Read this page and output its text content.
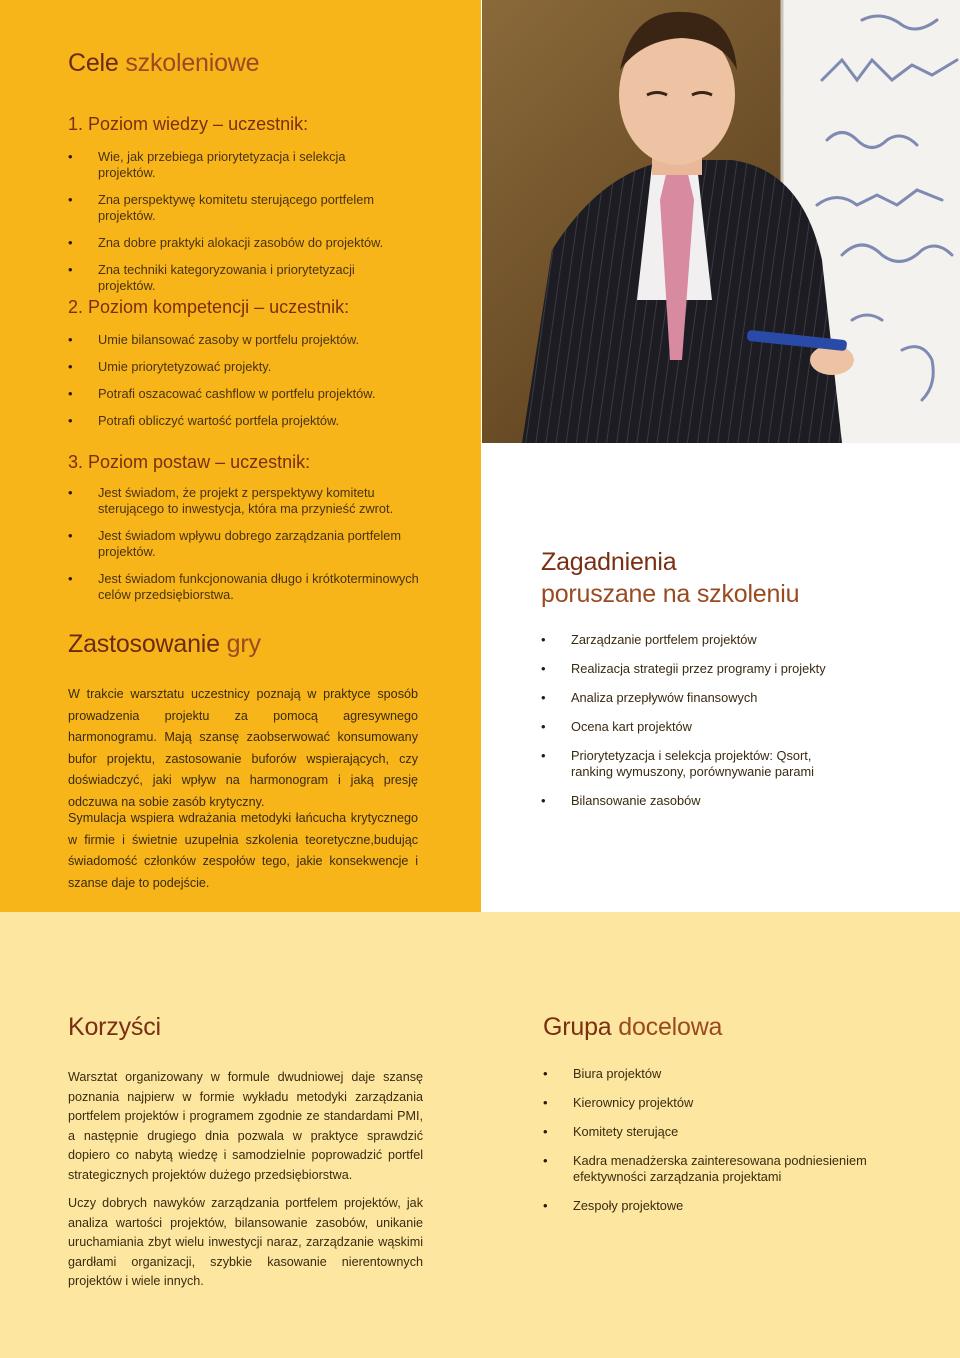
Cele szkoleniowe
1. Poziom wiedzy – uczestnik:
• Wie, jak przebiega priorytetyzacja i selekcja projektów.
• Zna perspektywę komitetu sterującego portfelem projektów.
• Zna dobre praktyki alokacji zasobów do projektów.
• Zna techniki kategoryzowania i priorytetyzacji projektów.
2. Poziom kompetencji – uczestnik:
• Umie bilansować zasoby w portfelu projektów.
• Umie priorytetyzować projekty.
• Potrafi oszacować cashflow w portfelu projektów.
• Potrafi obliczyć wartość portfela projektów.
3. Poziom postaw – uczestnik:
• Jest świadom, że projekt z perspektywy komitetu sterującego to inwestycja, która ma przynieść zwrot.
• Jest świadom wpływu dobrego zarządzania portfelem projektów.
• Jest świadom funkcjonowania długo i krótkoterminowych celów przedsiębiorstwa.
Zastosowanie gry

W trakcie warsztatu uczestnicy poznają w praktyce sposób prowadzenia projektu za pomocą agresywnego harmonogramu. Mają szansę zaobserwować konsumowany bufor projektu, zastosowanie buforów wspierających, czy doświadczyć, jaki wpływ na harmonogram i jaką presję odczuwa na sobie zasób krytyczny.

Symulacja wspiera wdrażania metodyki łańcucha krytycznego w firmie i świetnie uzupełnia szkolenia teoretyczne,budując świadomość członków zespołów tego, jakie konsekwencje i szanse daje to podejście.

Zagadnienia
poruszane na szkoleniu
• Zarządzanie portfelem projektów
• Realizacja strategii przez programy i projekty
• Analiza przepływów finansowych
• Ocena kart projektów
• Priorytetyzacja i selekcja projektów: Qsort, ranking wymuszony, porównywanie parami
• Bilansowanie zasobów
Korzyści

Warsztat organizowany w formule dwudniowej daje szansę poznania najpierw w formie wykładu metodyki zarządzania portfelem projektów i programem zgodnie ze standardami PMI, a następnie drugiego dnia pozwala w praktyce sprawdzić dopiero co nabytą wiedzę i samodzielnie poprowadzić portfel strategicznych projektów dużego przedsiębiorstwa.

Uczy dobrych nawyków zarządzania portfelem projektów, jak analiza wartości projektów, bilansowanie zasobów, unikanie uruchamiania zbyt wielu inwestycji naraz, zarządzanie wąskimi gardłami organizacji, szybkie kasowanie nierentownych projektów i wiele innych.

Grupa docelowa
• Biura projektów
• Kierownicy projektów
• Komitety sterujące
• Kadra menadżerska zainteresowana podniesieniem efektywności zarządzania projektami
• Zespoły projektowe
